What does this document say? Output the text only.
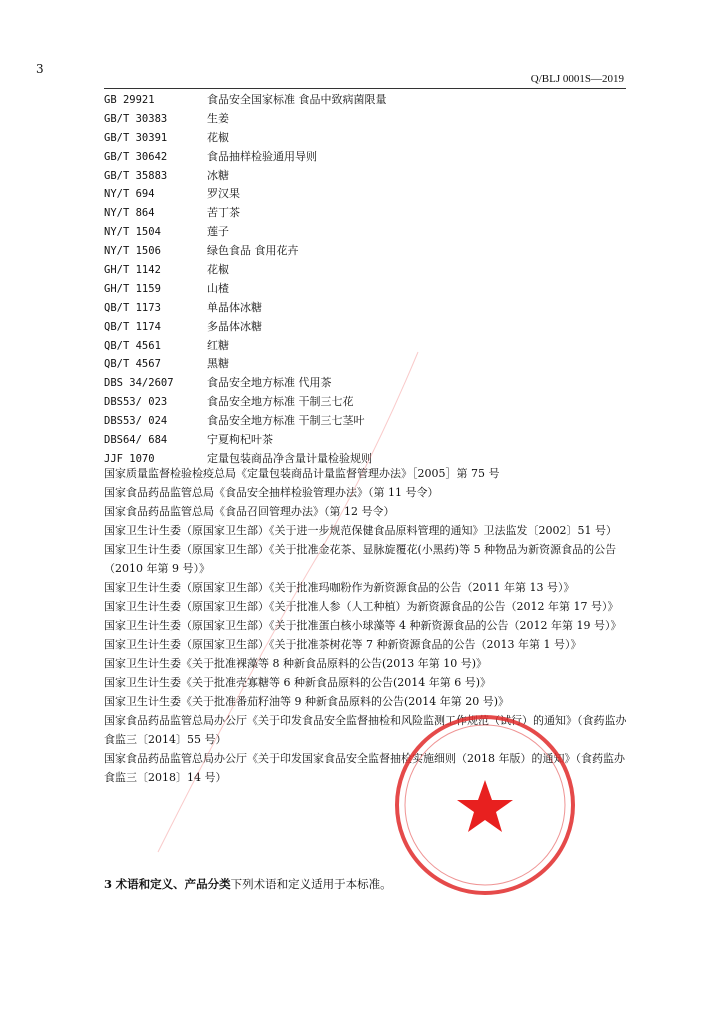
3
Q/BLJ 0001S—2019
GB 29921	食品安全国家标准 食品中致病菌限量
GB/T 30383	生姜
GB/T 30391	花椒
GB/T 30642	食品抽样检验通用导则
GB/T 35883	冰糖
NY/T 694	罗汉果
NY/T 864	苦丁茶
NY/T 1504	莲子
NY/T 1506	绿色食品 食用花卉
GH/T 1142	花椒
GH/T 1159	山楂
QB/T 1173	单晶体冰糖
QB/T 1174	多晶体冰糖
QB/T 4561	红糖
QB/T 4567	黑糖
DBS 34/2607	食品安全地方标准 代用茶
DBS53/ 023	食品安全地方标准 干制三七花
DBS53/ 024	食品安全地方标准 干制三七茎叶
DBS64/ 684	宁夏枸杞叶茶
JJF 1070	定量包装商品净含量计量检验规则

国家质量监督检验检疫总局《定量包装商品计量监督管理办法》［2005］第 75 号

国家食品药品监管总局《食品安全抽样检验管理办法》（第 11 号令）

国家食品药品监管总局《食品召回管理办法》（第 12 号令）

国家卫生计生委（原国家卫生部）《关于进一步规范保健食品原料管理的通知》卫法监发〔2002〕51 号）

国家卫生计生委（原国家卫生部）《关于批准金花茶、显脉旋覆花(小黑药)等 5 种物品为新资源食品的公告（2010 年第 9 号）》

国家卫生计生委（原国家卫生部）《关于批准玛咖粉作为新资源食品的公告（2011 年第 13 号）》

国家卫生计生委（原国家卫生部）《关于批准人参（人工种植）为新资源食品的公告（2012 年第 17 号）》

国家卫生计生委（原国家卫生部）《关于批准蛋白核小球藻等 4 种新资源食品的公告（2012 年第 19 号）》

国家卫生计生委（原国家卫生部）《关于批准茶树花等 7 种新资源食品的公告（2013 年第 1 号）》

国家卫生计生委《关于批准裸藻等 8 种新食品原料的公告(2013 年第 10 号)》

国家卫生计生委《关于批准壳寡糖等 6 种新食品原料的公告(2014 年第 6 号)》

国家卫生计生委《关于批准番茄籽油等 9 种新食品原料的公告(2014 年第 20 号)》

国家食品药品监管总局办公厅《关于印发食品安全监督抽检和风险监测工作规范（试行）的通知》（食药监办食监三〔2014〕55 号）

国家食品药品监管总局办公厅《关于印发国家食品安全监督抽检实施细则（2018 年版）的通知》（食药监办食监三〔2018〕14 号）

3 术语和定义、产品分类下列术语和定义适用于本标准。
